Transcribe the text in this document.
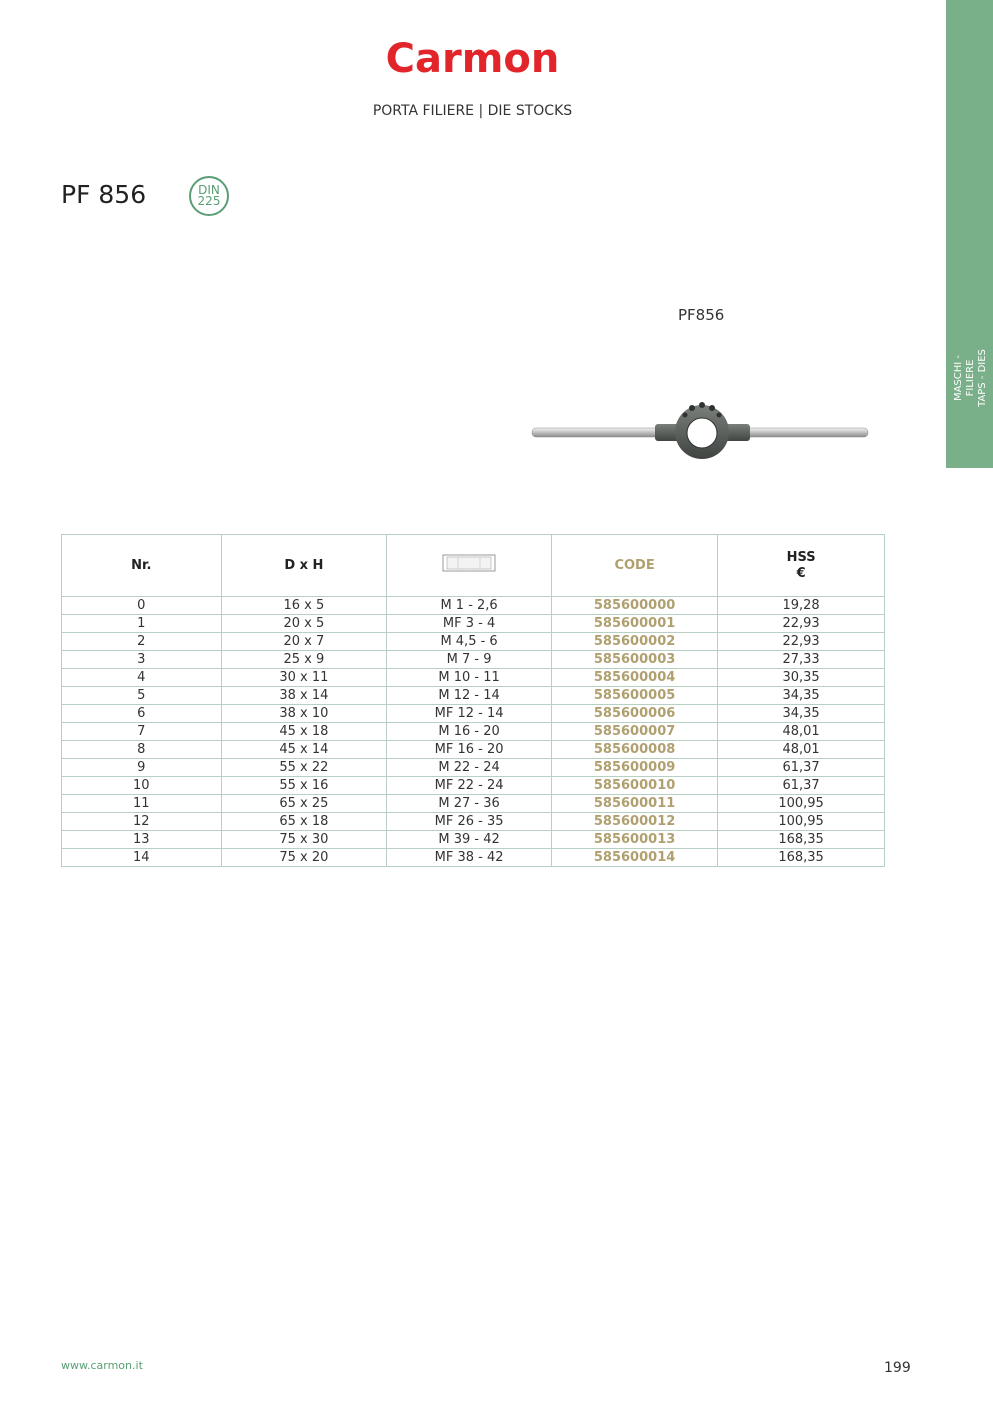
Carmon
PORTA FILIERE | DIE STOCKS
MASCHI - FILIERE TAPS - DIES
PF 856	DIN
225
PF856
Nr.	D x H		CODE	HSS
€

0	16 x 5	M 1 - 2,6	585600000	19,28
1	20 x 5	MF 3 - 4	585600001	22,93
2	20 x 7	M 4,5 - 6	585600002	22,93
3	25 x 9	M 7 - 9	585600003	27,33
4	30 x 11	M 10 - 11	585600004	30,35
5	38 x 14	M 12 - 14	585600005	34,35
6	38 x 10	MF 12 - 14	585600006	34,35
7	45 x 18	M 16 - 20	585600007	48,01
8	45 x 14	MF 16 - 20	585600008	48,01
9	55 x 22	M 22 - 24	585600009	61,37
10	55 x 16	MF 22 - 24	585600010	61,37
11	65 x 25	M 27 - 36	585600011	100,95
12	65 x 18	MF 26 - 35	585600012	100,95
13	75 x 30	M 39 - 42	585600013	168,35
14	75 x 20	MF 38 - 42	585600014	168,35
www.carmon.it	199
